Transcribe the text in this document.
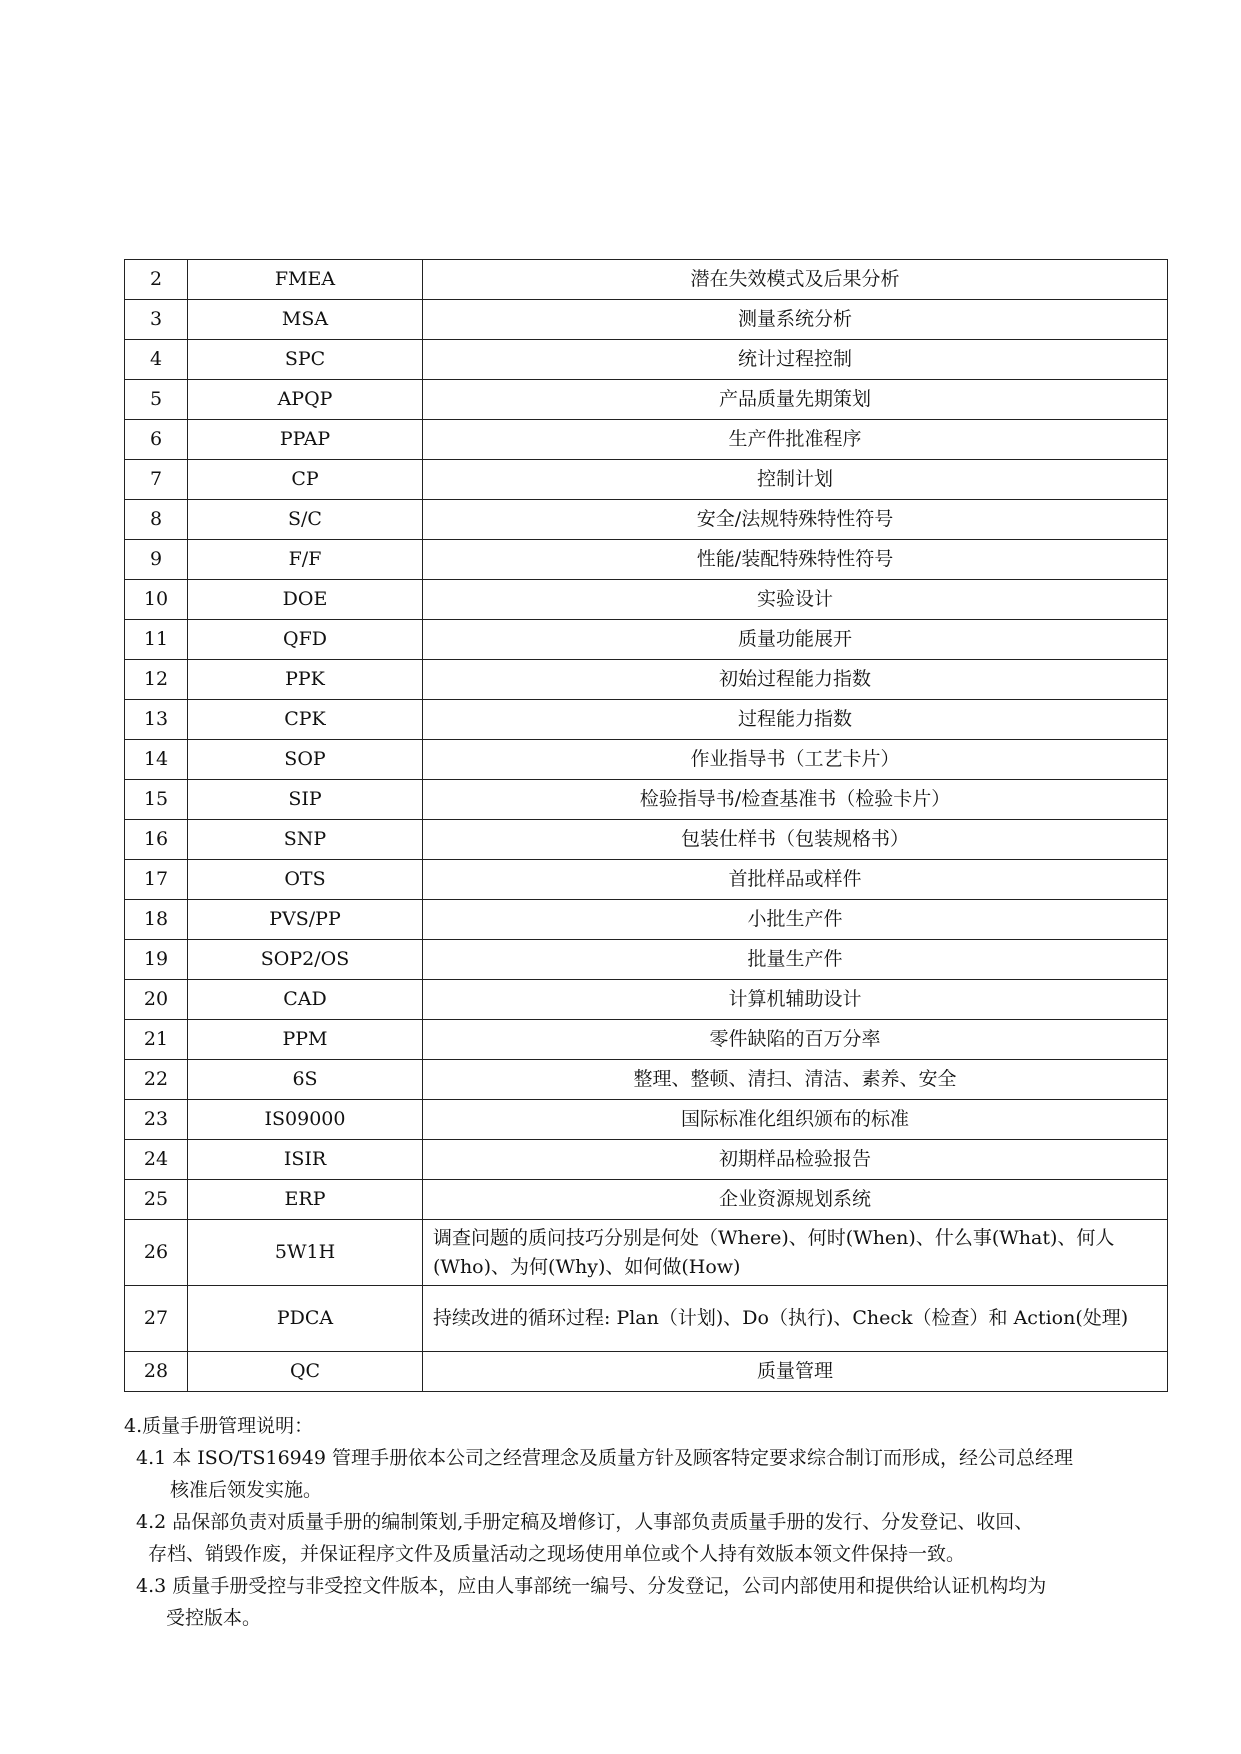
2	FMEA	潜在失效模式及后果分析
3	MSA	测量系统分析
4	SPC	统计过程控制
5	APQP	产品质量先期策划
6	PPAP	生产件批准程序
7	CP	控制计划
8	S/C	安全/法规特殊特性符号
9	F/F	性能/装配特殊特性符号
10	DOE	实验设计
11	QFD	质量功能展开
12	PPK	初始过程能力指数
13	CPK	过程能力指数
14	SOP	作业指导书（工艺卡片）
15	SIP	检验指导书/检查基准书（检验卡片）
16	SNP	包装仕样书（包装规格书）
17	OTS	首批样品或样件
18	PVS/PP	小批生产件
19	SOP2/OS	批量生产件
20	CAD	计算机辅助设计
21	PPM	零件缺陷的百万分率
22	6S	整理、整顿、清扫、清洁、素养、安全
23	IS09000	国际标准化组织颁布的标准
24	ISIR	初期样品检验报告
25	ERP	企业资源规划系统
26	5W1H	调查问题的质问技巧分别是何处（Where)、何时(When)、什么事(What)、何人(Who)、为何(Why)、如何做(How)
27	PDCA	持续改进的循环过程: Plan（计划)、Do（执行)、Check（检查）和 Action(处理)
28	QC	质量管理

4.质量手册管理说明：

4.1 本 ISO/TS16949 管理手册依本公司之经营理念及质量方针及顾客特定要求综合制订而形成，经公司总经理
核准后领发实施。

4.2 品保部负责对质量手册的编制策划,手册定稿及增修订，人事部负责质量手册的发行、分发登记、收回、
存档、销毁作废，并保证程序文件及质量活动之现场使用单位或个人持有效版本领文件保持一致。

4.3 质量手册受控与非受控文件版本，应由人事部统一编号、分发登记，公司内部使用和提供给认证机构均为
受控版本。
